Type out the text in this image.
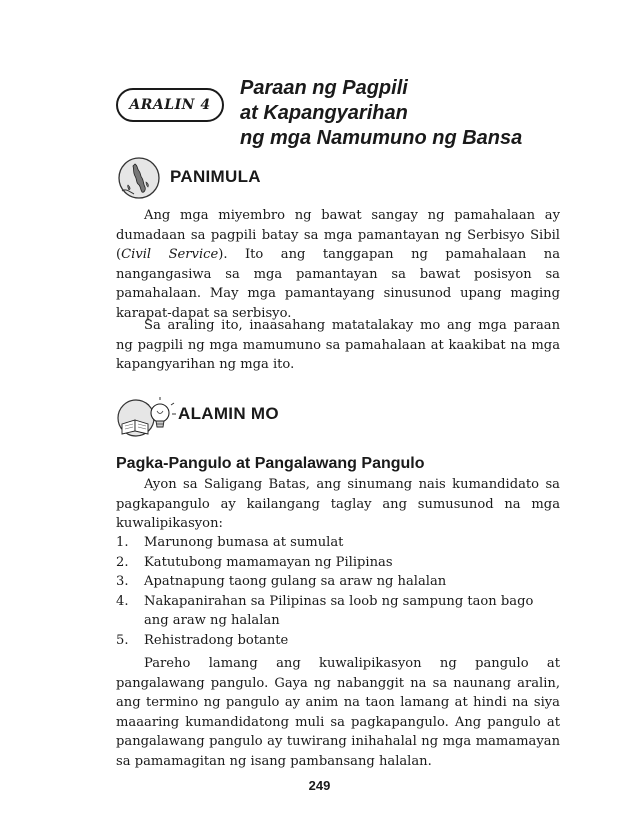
ARALIN 4
Paraan ng Pagpili
at Kapangyarihan
ng mga Namumuno ng Bansa
PANIMULA

Ang mga miyembro ng bawat sangay ng pamahalaan ay dumadaan sa pagpili batay sa mga pamantayan ng Serbisyo Sibil (Civil Service). Ito ang tanggapan ng pamahalaan na nangangasiwa sa mga pamantayan sa bawat posisyon sa pamahalaan. May mga pamantayang sinusunod upang maging karapat-dapat sa serbisyo.

Sa araling ito, inaasahang matatalakay mo ang mga paraan ng pagpili ng mga mamumuno sa pamahalaan at kaakibat na mga kapangyarihan ng mga ito.

ALAMIN MO
Pagka-Pangulo at Pangalawang Pangulo

Ayon sa Saligang Batas, ang sinumang nais kumandidato sa pagkapangulo ay kailangang taglay ang sumusunod na mga kuwalipikasyon:

1.	Marunong bumasa at sumulat
2.	Katutubong mamamayan ng Pilipinas
3.	Apatnapung taong gulang sa araw ng halalan
4.	Nakapanirahan sa Pilipinas sa loob ng sampung taon bago ang araw ng halalan
5.	Rehistradong botante

Pareho lamang ang kuwalipikasyon ng pangulo at pangalawang pangulo. Gaya ng nabanggit na sa naunang aralin, ang termino ng pangulo ay anim na taon lamang at hindi na siya maaaring kumandidatong muli sa pagkapangulo. Ang pangulo at pangalawang pangulo ay tuwirang inihahalal ng mga mamamayan sa pamamagitan ng isang pambansang halalan.

249
